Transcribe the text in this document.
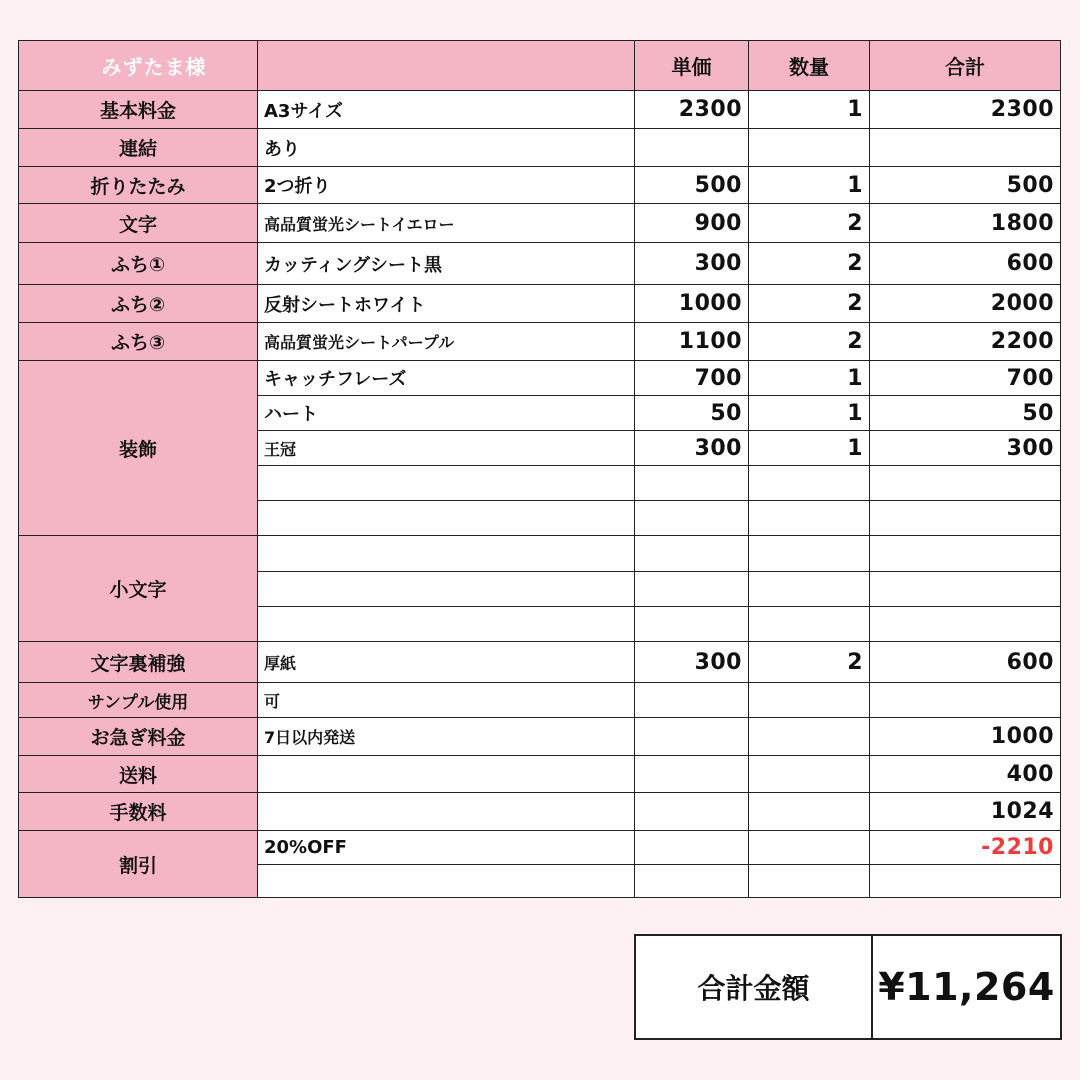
みずたま様		単価	数量	合計
基本料金	A3サイズ	2300	1	2300
連結	あり			
折りたたみ	2つ折り	500	1	500
文字	高品質蛍光シートイエロー	900	2	1800
ふち①	カッティングシート黒	300	2	600
ふち②	反射シートホワイト	1000	2	2000
ふち③	高品質蛍光シートパープル	1100	2	2200
装飾	キャッチフレーズ	700	1	700
	ハート	50	1	50
	王冠	300	1	300

小文字				

文字裏補強	厚紙	300	2	600
サンプル使用	可			
お急ぎ料金	7日以内発送			1000
送料				400
手数料				1024
割引	20%OFF			-2210

合計金額	¥11,264
